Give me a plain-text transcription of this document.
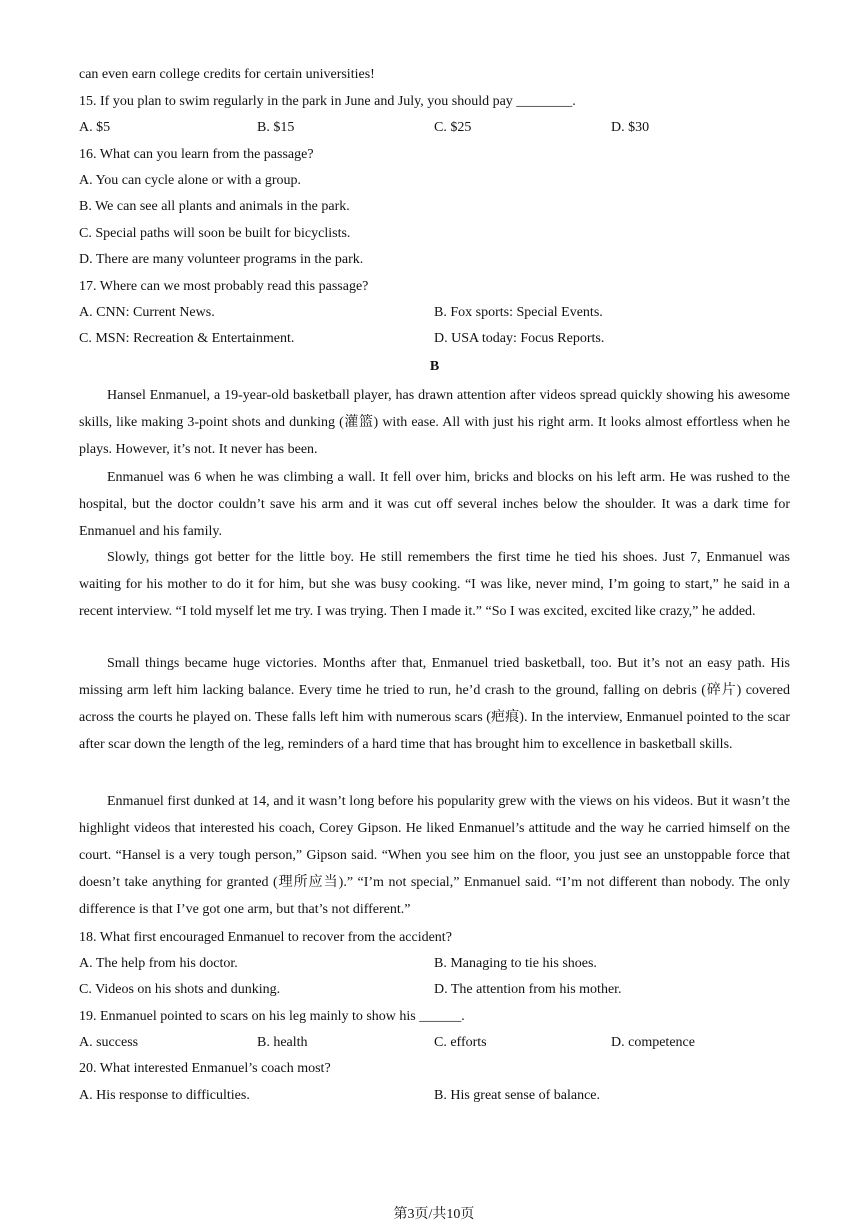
can even earn college credits for certain universities!
15. If you plan to swim regularly in the park in June and July, you should pay ________.
A. $5	B. $15	C. $25	D. $30
16. What can you learn from the passage?
A. You can cycle alone or with a group.
B. We can see all plants and animals in the park.
C. Special paths will soon be built for bicyclists.
D. There are many volunteer programs in the park.
17. Where can we most probably read this passage?
A. CNN: Current News.	B. Fox sports: Special Events.
C. MSN: Recreation & Entertainment.	D. USA today: Focus Reports.
B

Hansel Enmanuel, a 19-year-old basketball player, has drawn attention after videos spread quickly showing his awesome skills, like making 3-point shots and dunking (灌篮) with ease. All with just his right arm. It looks almost effortless when he plays. However, it’s not. It never has been.

Enmanuel was 6 when he was climbing a wall. It fell over him, bricks and blocks on his left arm. He was rushed to the hospital, but the doctor couldn’t save his arm and it was cut off several inches below the shoulder. It was a dark time for Enmanuel and his family.

Slowly, things got better for the little boy. He still remembers the first time he tied his shoes. Just 7, Enmanuel was waiting for his mother to do it for him, but she was busy cooking. “I was like, never mind, I’m going to start,” he said in a recent interview. “I told myself let me try. I was trying. Then I made it.” “So I was excited, excited like crazy,” he added.

Small things became huge victories. Months after that, Enmanuel tried basketball, too. But it’s not an easy path. His missing arm left him lacking balance. Every time he tried to run, he’d crash to the ground, falling on debris (碎片) covered across the courts he played on. These falls left him with numerous scars (疤痕). In the interview, Enmanuel pointed to the scar after scar down the length of the leg, reminders of a hard time that has brought him to excellence in basketball skills.

Enmanuel first dunked at 14, and it wasn’t long before his popularity grew with the views on his videos. But it wasn’t the highlight videos that interested his coach, Corey Gipson. He liked Enmanuel’s attitude and the way he carried himself on the court. “Hansel is a very tough person,” Gipson said. “When you see him on the floor, you just see an unstoppable force that doesn’t take anything for granted (理所应当).” “I’m not special,” Enmanuel said. “I’m not different than nobody. The only difference is that I’ve got one arm, but that’s not different.”

18. What first encouraged Enmanuel to recover from the accident?
A. The help from his doctor.	B. Managing to tie his shoes.
C. Videos on his shots and dunking.	D. The attention from his mother.
19. Enmanuel pointed to scars on his leg mainly to show his ______.
A. success	B. health	C. efforts	D. competence
20. What interested Enmanuel’s coach most?
A. His response to difficulties.	B. His great sense of balance.
第3页/共10页
